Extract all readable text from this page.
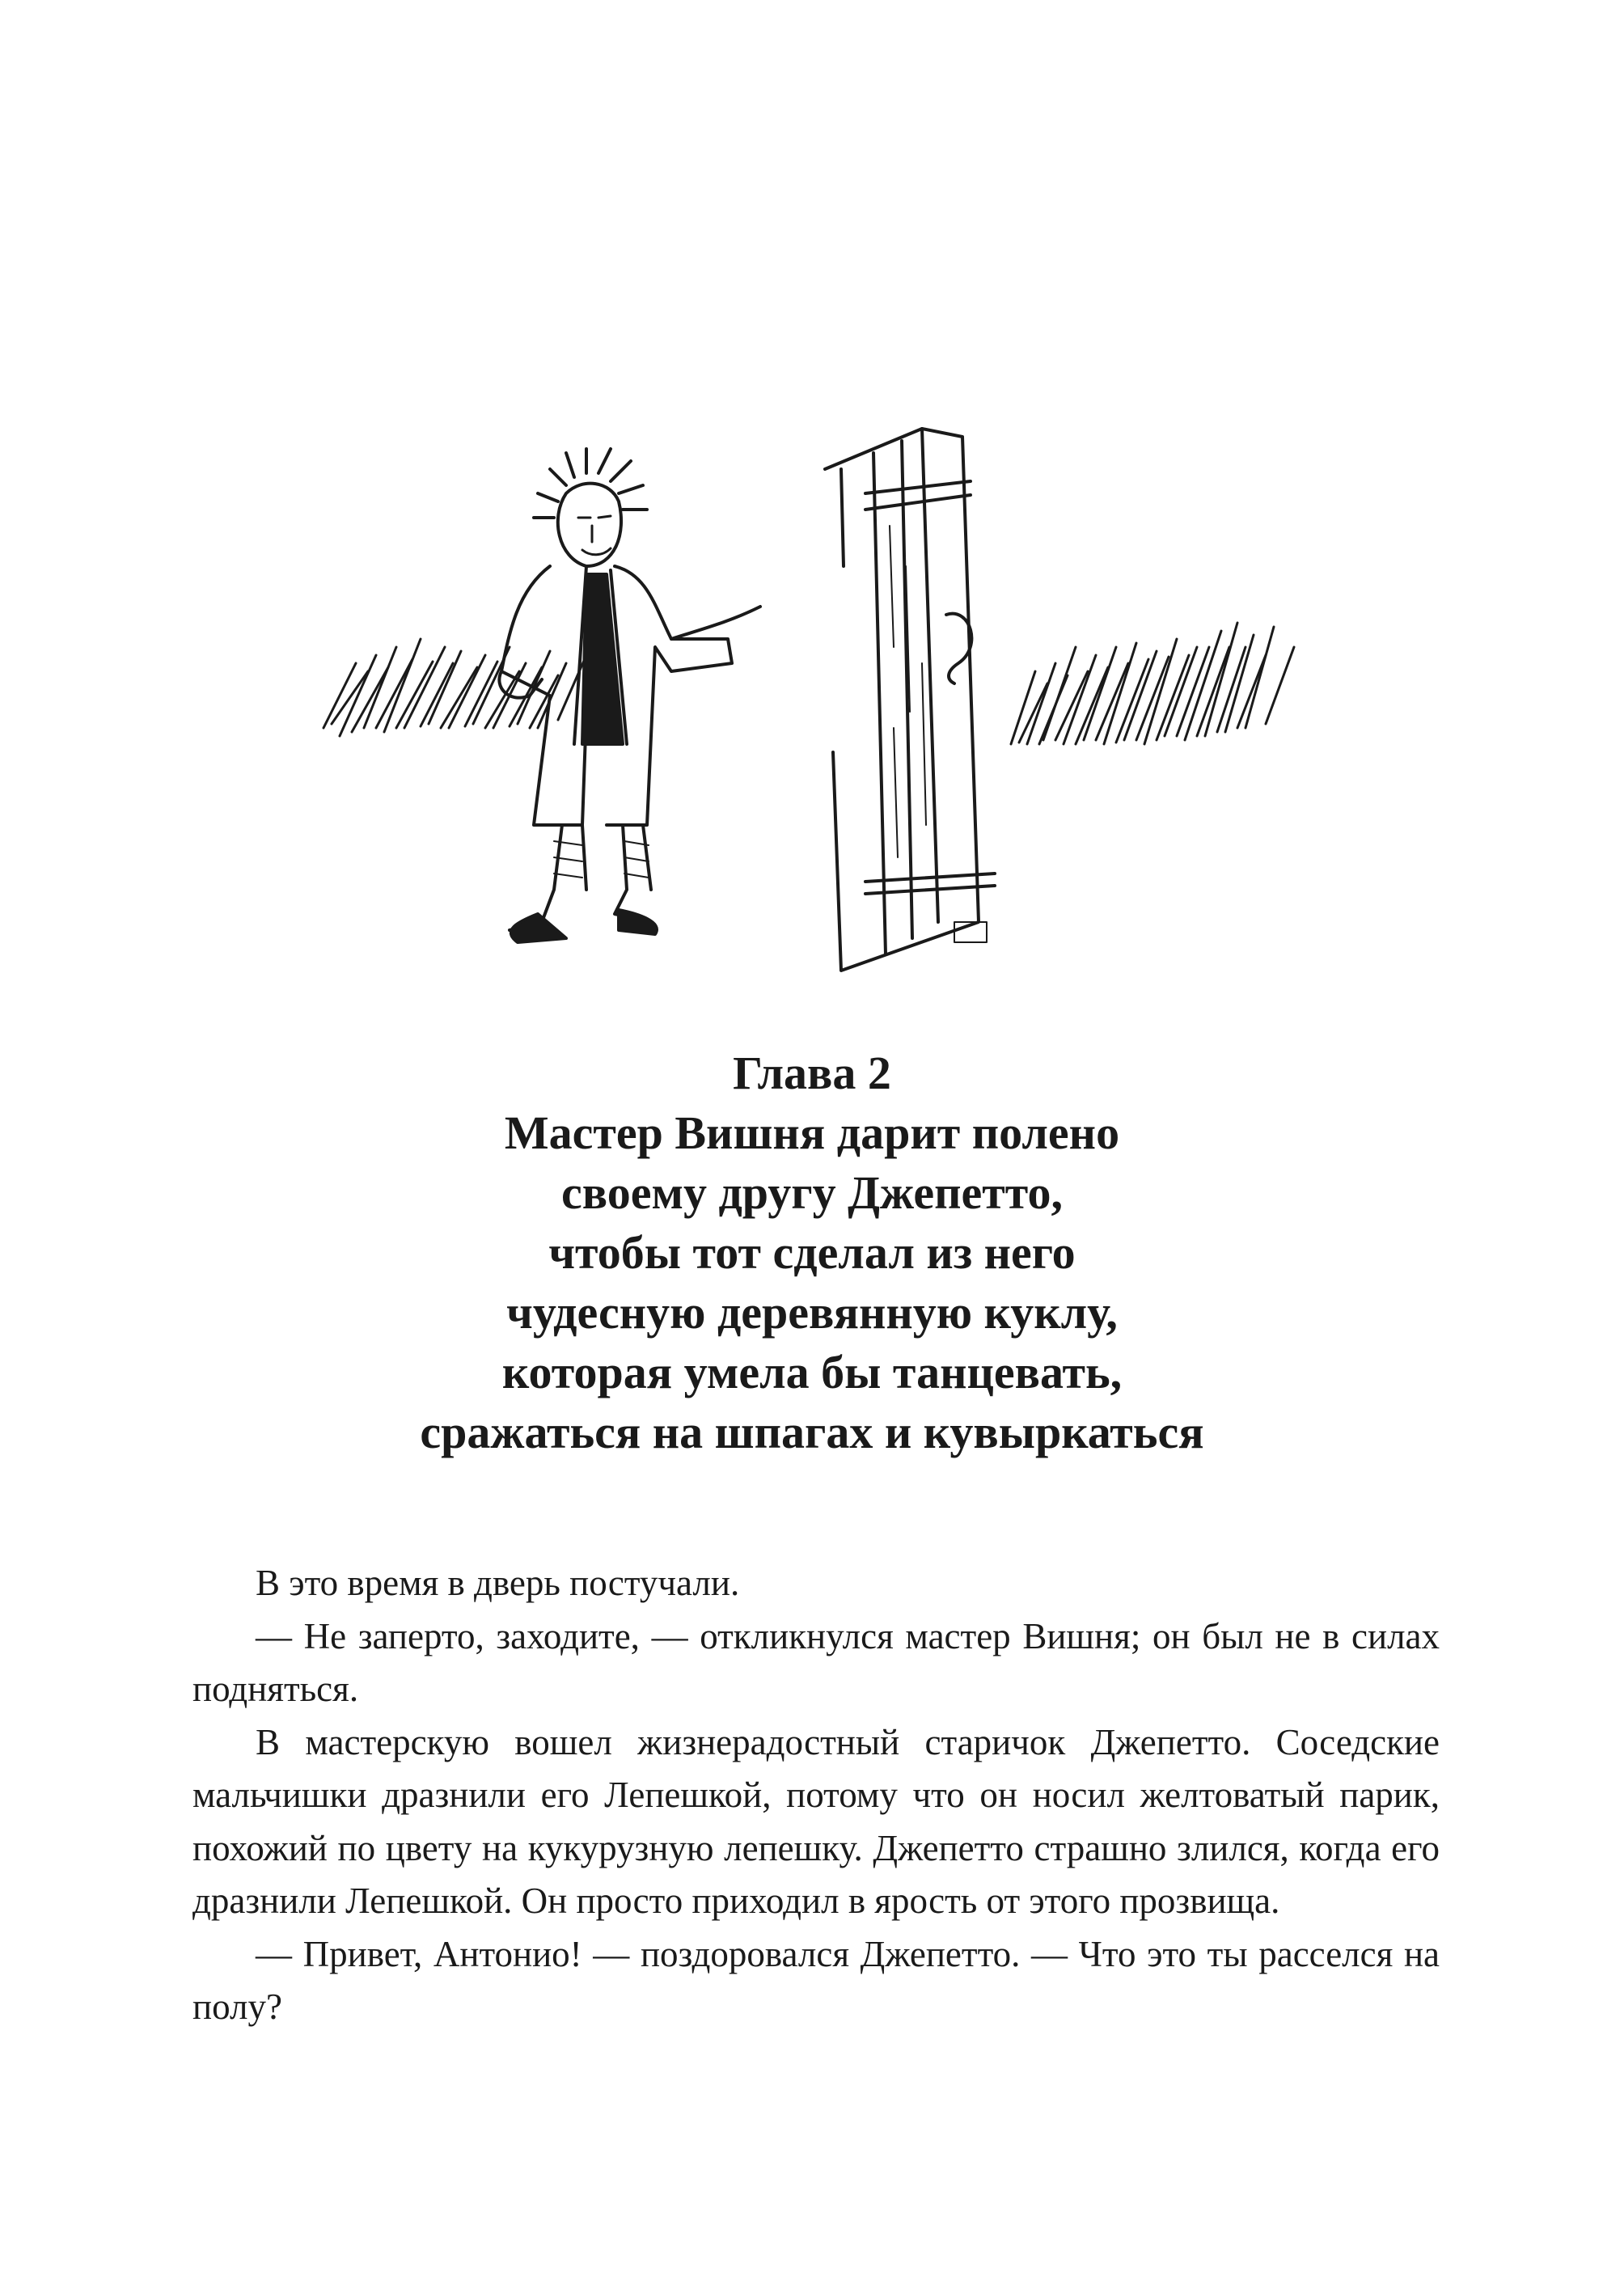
Глава 2
Мастер Вишня дарит полено
своему другу Джепетто,
чтобы тот сделал из него
чудесную деревянную куклу,
которая умела бы танцевать,
сражаться на шпагах и кувыркаться

В это время в дверь постучали.

— Не заперто, заходите, — откликнулся мастер Вишня; он был не в силах подняться.

В мастерскую вошел жизнерадостный старичок Джепетто. Соседские мальчишки дразнили его Лепешкой, потому что он носил желтоватый парик, похожий по цвету на кукурузную лепешку. Джепетто страшно злился, когда его дразнили Лепешкой. Он просто приходил в ярость от этого прозвища.

— Привет, Антонио! — поздоровался Джепетто. — Что это ты расселся на полу?
